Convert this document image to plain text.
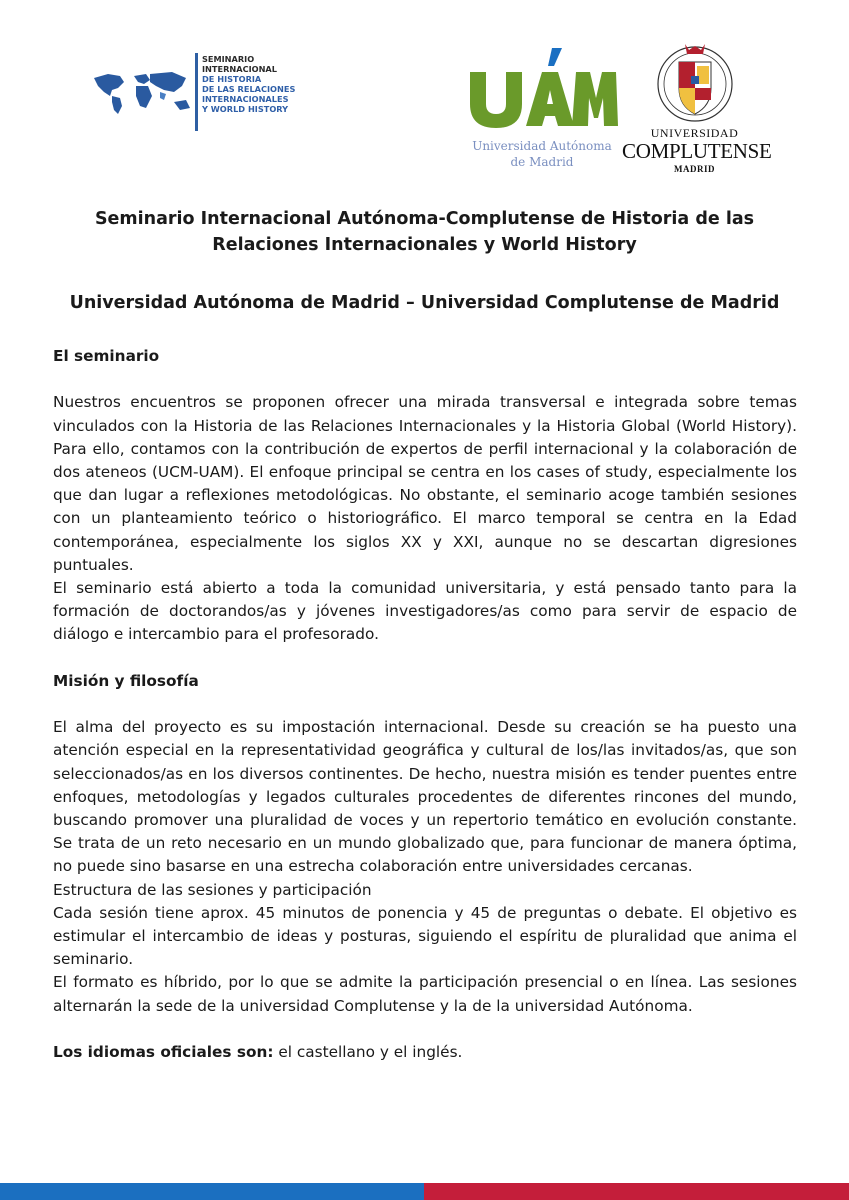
SEMINARIO
INTERNACIONAL
DE HISTORIA
DE LAS RELACIONES
INTERNACIONALES
Y WORLD HISTORY
Universidad Autónoma
de Madrid
UNIVERSIDAD
COMPLUTENSE
MADRID
Seminario Internacional Autónoma-Complutense de Historia de las
Relaciones Internacionales y World History
Universidad Autónoma de Madrid – Universidad Complutense de Madrid

El seminario

Nuestros encuentros se proponen ofrecer una mirada transversal e integrada sobre temas vinculados con la Historia de las Relaciones Internacionales y la Historia Global (World History). Para ello, contamos con la contribución de expertos de perfil internacional y la colaboración de dos ateneos (UCM-UAM). El enfoque principal se centra en los cases of study, especialmente los que dan lugar a reflexiones metodológicas. No obstante, el seminario acoge también sesiones con un planteamiento teórico o historiográfico. El marco temporal se centra en la Edad contemporánea, especialmente los siglos XX y XXI, aunque no se descartan digresiones puntuales.

El seminario está abierto a toda la comunidad universitaria, y está pensado tanto para la formación de doctorandos/as y jóvenes investigadores/as como para servir de espacio de diálogo e intercambio para el profesorado.

Misión y filosofía

El alma del proyecto es su impostación internacional. Desde su creación se ha puesto una atención especial en la representatividad geográfica y cultural de los/las invitados/as, que son seleccionados/as en los diversos continentes. De hecho, nuestra misión es tender puentes entre enfoques, metodologías y legados culturales procedentes de diferentes rincones del mundo, buscando promover una pluralidad de voces y un repertorio temático en evolución constante. Se trata de un reto necesario en un mundo globalizado que, para funcionar de manera óptima, no puede sino basarse en una estrecha colaboración entre universidades cercanas.

Estructura de las sesiones y participación

Cada sesión tiene aprox. 45 minutos de ponencia y 45 de preguntas o debate. El objetivo es estimular el intercambio de ideas y posturas, siguiendo el espíritu de pluralidad que anima el seminario.

El formato es híbrido, por lo que se admite la participación presencial o en línea. Las sesiones alternarán la sede de la universidad Complutense y la de la universidad Autónoma.

Los idiomas oficiales son: el castellano y el inglés.
